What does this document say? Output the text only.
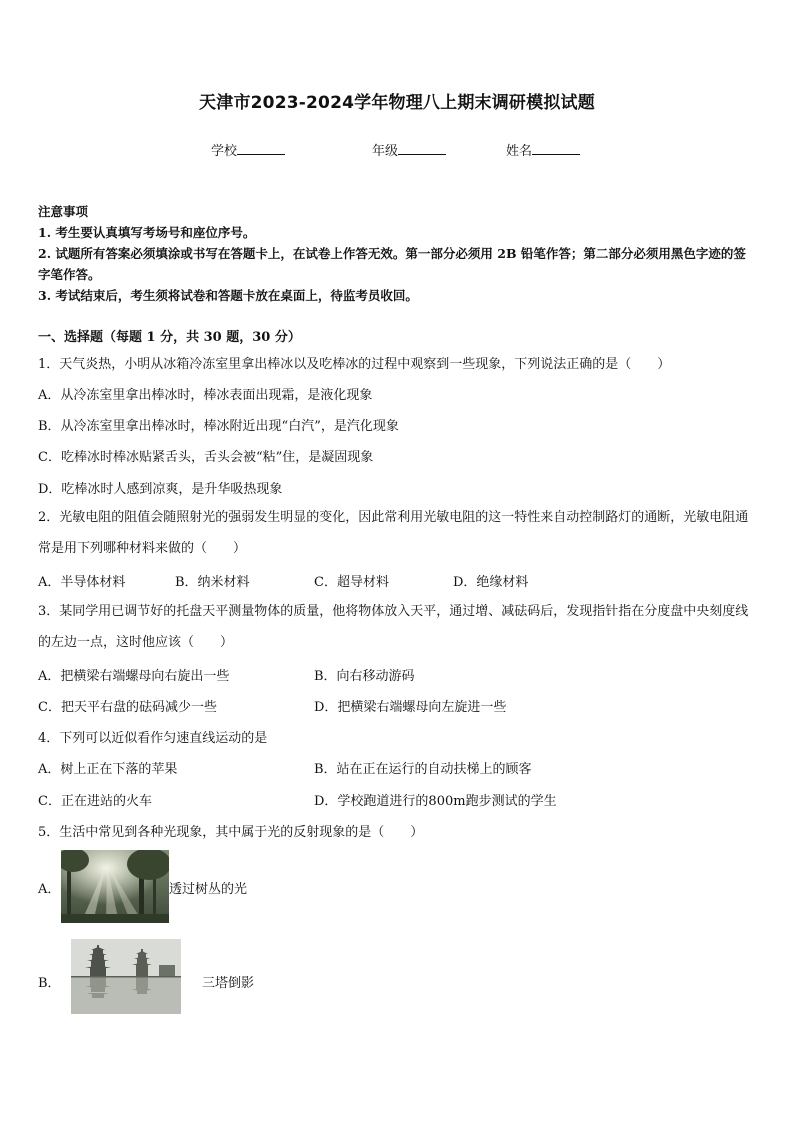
天津市2023-2024学年物理八上期末调研模拟试题
学校	年级	姓名
注意事项
1. 考生要认真填写考场号和座位序号。
2. 试题所有答案必须填涂或书写在答题卡上，在试卷上作答无效。第一部分必须用 2B 铅笔作答；第二部分必须用黑色字迹的签字笔作答。
3. 考试结束后，考生须将试卷和答题卡放在桌面上，待监考员收回。
一、选择题（每题 1 分，共 30 题，30 分）
1．天气炎热，小明从冰箱冷冻室里拿出棒冰以及吃棒冰的过程中观察到一些现象，下列说法正确的是（　　）
A．从冷冻室里拿出棒冰时，棒冰表面出现霜，是液化现象
B．从冷冻室里拿出棒冰时，棒冰附近出现“白汽”，是汽化现象
C．吃棒冰时棒冰贴紧舌头，舌头会被“粘”住，是凝固现象
D．吃棒冰时人感到凉爽，是升华吸热现象
2．光敏电阻的阻值会随照射光的强弱发生明显的变化，因此常利用光敏电阻的这一特性来自动控制路灯的通断，光敏电阻通常是用下列哪种材料来做的（　　）
A．半导体材料	B．纳米材料	C．超导材料	D．绝缘材料
3．某同学用已调节好的托盘天平测量物体的质量，他将物体放入天平，通过增、减砝码后，发现指针指在分度盘中央刻度线的左边一点，这时他应该（　　）
A．把横梁右端螺母向右旋出一些	B．向右移动游码
C．把天平右盘的砝码减少一些	D．把横梁右端螺母向左旋进一些
4．下列可以近似看作匀速直线运动的是
A．树上正在下落的苹果	B．站在正在运行的自动扶梯上的顾客
C．正在进站的火车	D．学校跑道进行的800m跑步测试的学生
5．生活中常见到各种光现象，其中属于光的反射现象的是（　　）
A．	透过树丛的光
B．	三塔倒影
